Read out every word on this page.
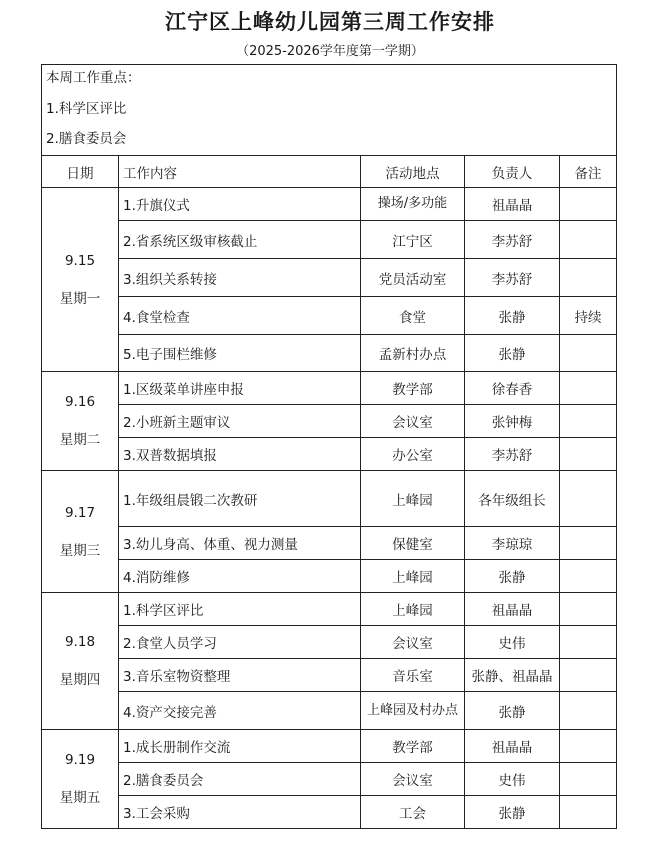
江宁区上峰幼儿园第三周工作安排
（2025-2026学年度第一学期）
本周工作重点：
1.科学区评比
2.膳食委员会				

日期	工作内容	活动地点	负责人	备注

9.15
星期一	1.升旗仪式	操场/多功能	祖晶晶	
	2.省系统区级审核截止	江宁区	李苏舒	
	3.组织关系转接	党员活动室	李苏舒	
	4.食堂检查	食堂	张静	持续
	5.电子围栏维修	孟新村办点	张静	

9.16
星期二	1.区级菜单讲座申报	教学部	徐春香	
	2.小班新主题审议	会议室	张钟梅	
	3.双普数据填报	办公室	李苏舒	

9.17
星期三	1.年级组晨锻二次教研	上峰园	各年级组长	
	3.幼儿身高、体重、视力测量	保健室	李琼琼	
	4.消防维修	上峰园	张静	

9.18
星期四	1.科学区评比	上峰园	祖晶晶	
	2.食堂人员学习	会议室	史伟	
	3.音乐室物资整理	音乐室	张静、祖晶晶	
	4.资产交接完善	上峰园及村办点	张静	

9.19
星期五	1.成长册制作交流	教学部	祖晶晶	
	2.膳食委员会	会议室	史伟	
	3.工会采购	工会	张静	
